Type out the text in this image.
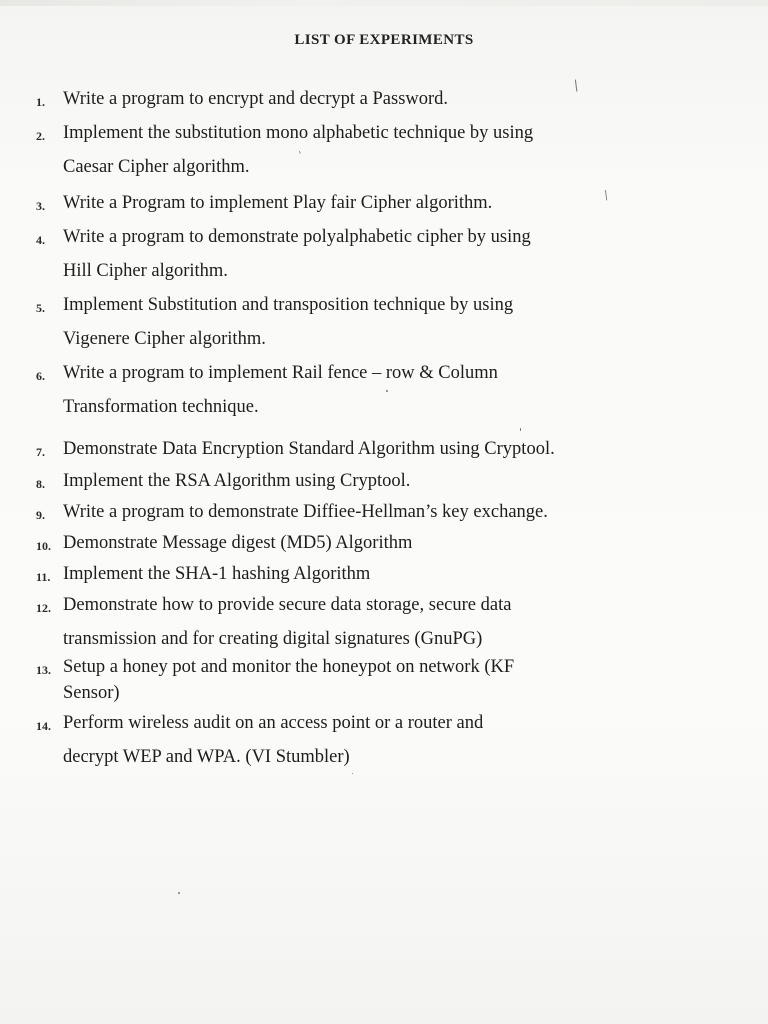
LIST OF EXPERIMENTS
1. Write a program to encrypt and decrypt a Password.
2. Implement the substitution mono alphabetic technique by using
Caesar Cipher algorithm.
3. Write a Program to implement Play fair Cipher algorithm.
4. Write a program to demonstrate polyalphabetic cipher by using
Hill Cipher algorithm.
5. Implement Substitution and transposition technique by using
Vigenere Cipher algorithm.
6. Write a program to implement Rail fence – row & Column
Transformation technique.
7. Demonstrate Data Encryption Standard Algorithm using Cryptool.
8. Implement the RSA Algorithm using Cryptool.
9. Write a program to demonstrate Diffiee-Hellman’s key exchange.
10. Demonstrate Message digest (MD5) Algorithm
11. Implement the SHA-1 hashing Algorithm
12. Demonstrate how to provide secure data storage, secure data
transmission and for creating digital signatures (GnuPG)
13. Setup a honey pot and monitor the honeypot on network (KF
Sensor)
14. Perform wireless audit on an access point or a router and
decrypt WEP and WPA. (VI Stumbler)
/
'
/
